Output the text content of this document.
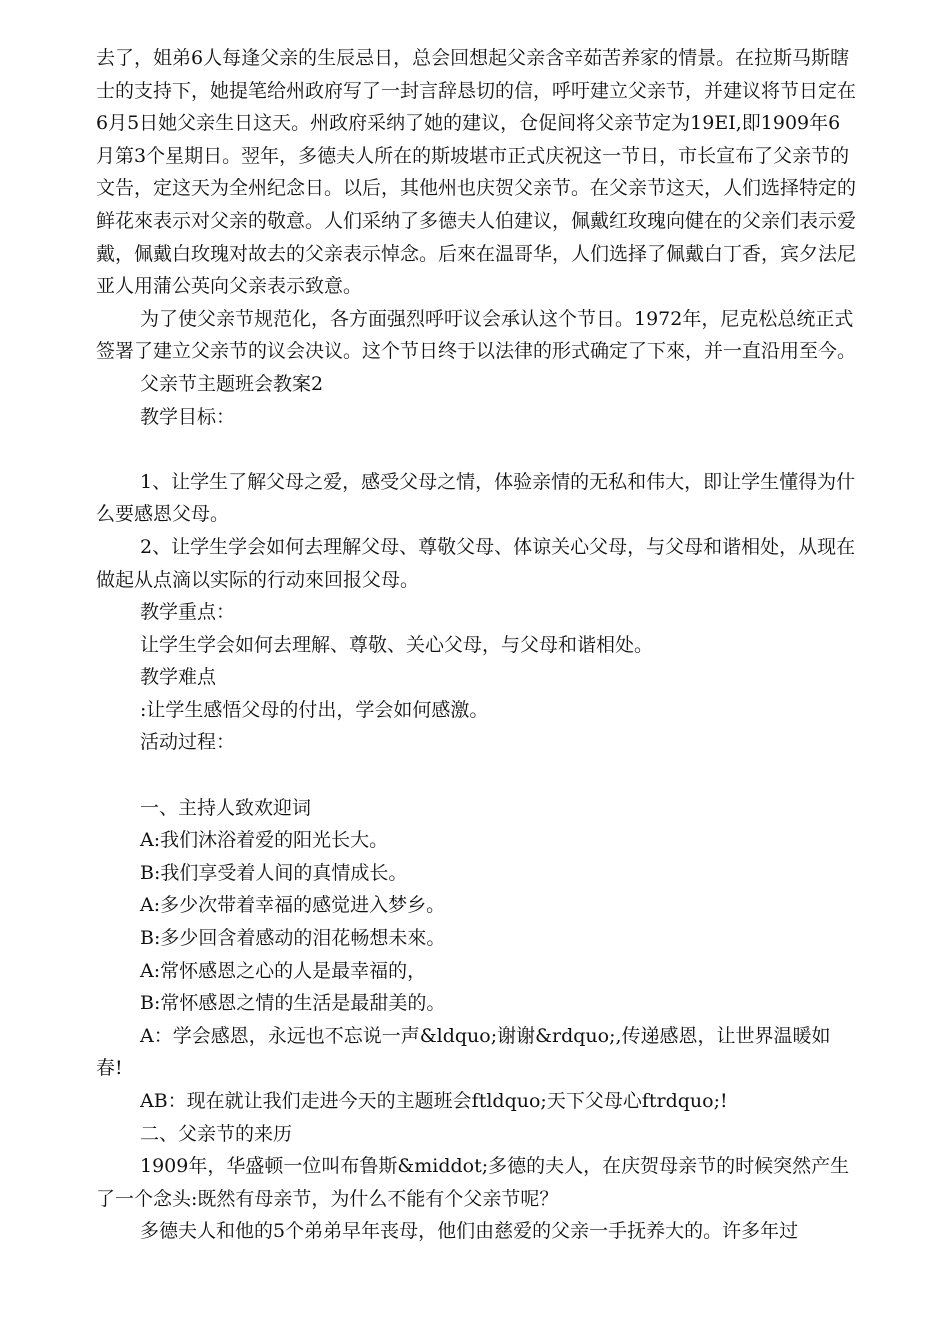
去了，姐弟6人每逢父亲的生辰忌日，总会回想起父亲含辛茹苦养家的情景。在拉斯马斯瞎士的支持下，她提笔给州政府写了一封言辞恳切的信，呼吁建立父亲节，并建议将节日定在6月5日她父亲生日这天。州政府采纳了她的建议，仓促间将父亲节定为19EI,即1909年6月第3个星期日。翌年，多德夫人所在的斯坡堪市正式庆祝这一节日，市长宣布了父亲节的文告，定这天为全州纪念日。以后，其他州也庆贺父亲节。在父亲节这天，人们选择特定的鲜花來表示对父亲的敬意。人们采纳了多德夫人伯建议，佩戴红玫瑰向健在的父亲们表示爱戴，佩戴白玫瑰对故去的父亲表示悼念。后來在温哥华，人们选择了佩戴白丁香，宾夕法尼亚人用蒲公英向父亲表示致意。

为了使父亲节规范化，各方面强烈呼吁议会承认这个节日。1972年，尼克松总统正式签署了建立父亲节的议会决议。这个节日终于以法律的形式确定了下來，并一直沿用至今。

父亲节主题班会教案2

教学目标：

1、让学生了解父母之爱，感受父母之情，体验亲情的无私和伟大，即让学生懂得为什么要感恩父母。

2、让学生学会如何去理解父母、尊敬父母、体谅关心父母，与父母和谐相处，从现在做起从点滴以实际的行动來回报父母。

教学重点：

让学生学会如何去理解、尊敬、关心父母，与父母和谐相处。

教学难点

:让学生感悟父母的付出，学会如何感激。

活动过程：

一、主持人致欢迎词

A:我们沐浴着爱的阳光长大。

B:我们享受着人间的真情成长。

A:多少次带着幸福的感觉进入梦乡。

B:多少回含着感动的泪花畅想未來。

A:常怀感恩之心的人是最幸福的，

B:常怀感恩之情的生活是最甜美的。

A：学会感恩，永远也不忘说一声&ldquo;谢谢&rdquo;,传递感恩，让世界温暖如春!

AB：现在就让我们走进今天的主题班会ftldquo;天下父母心ftrdquo;!

二、父亲节的来历

1909年，华盛顿一位叫布鲁斯&middot;多德的夫人，在庆贺母亲节的时候突然产生了一个念头:既然有母亲节，为什么不能有个父亲节呢？

多德夫人和他的5个弟弟早年丧母，他们由慈爱的父亲一手抚养大的。许多年过
